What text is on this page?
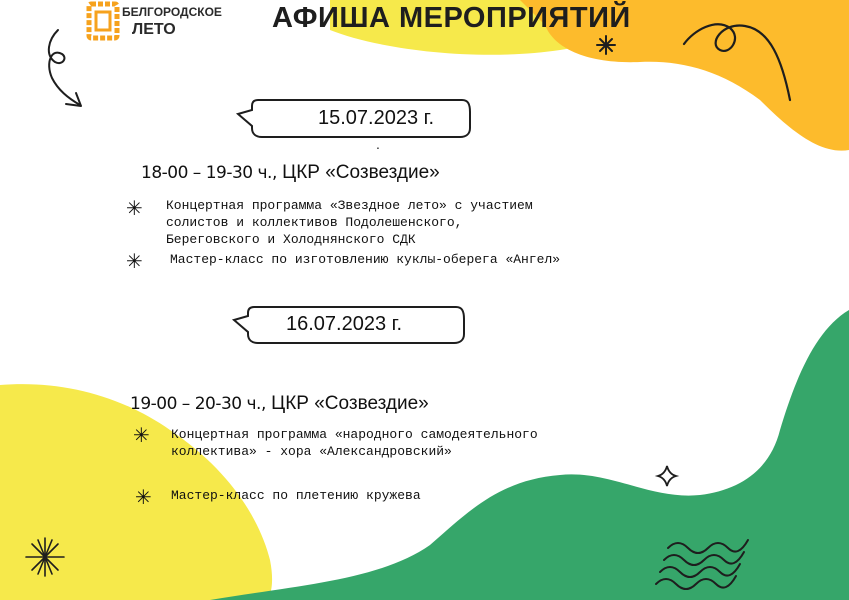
БЕЛГОРОДСКОЕ
ЛЕТО	АФИША МЕРОПРИЯТИЙ
15.07.2023 г.
.
18-00 – 19-30 ч., ЦКР «Созвездие»
✳ Концертная программа «Звездное лето» с участием
солистов и коллективов Подолешенского,
Береговского и Холоднянского СДК
✳ Мастер-класс по изготовлению куклы-оберега «Ангел»
16.07.2023 г.
19-00 – 20-30 ч., ЦКР «Созвездие»
✳ Концертная программа «народного самодеятельного
коллектива» - хора «Александровский»
✳ Мастер-класс по плетению кружева
